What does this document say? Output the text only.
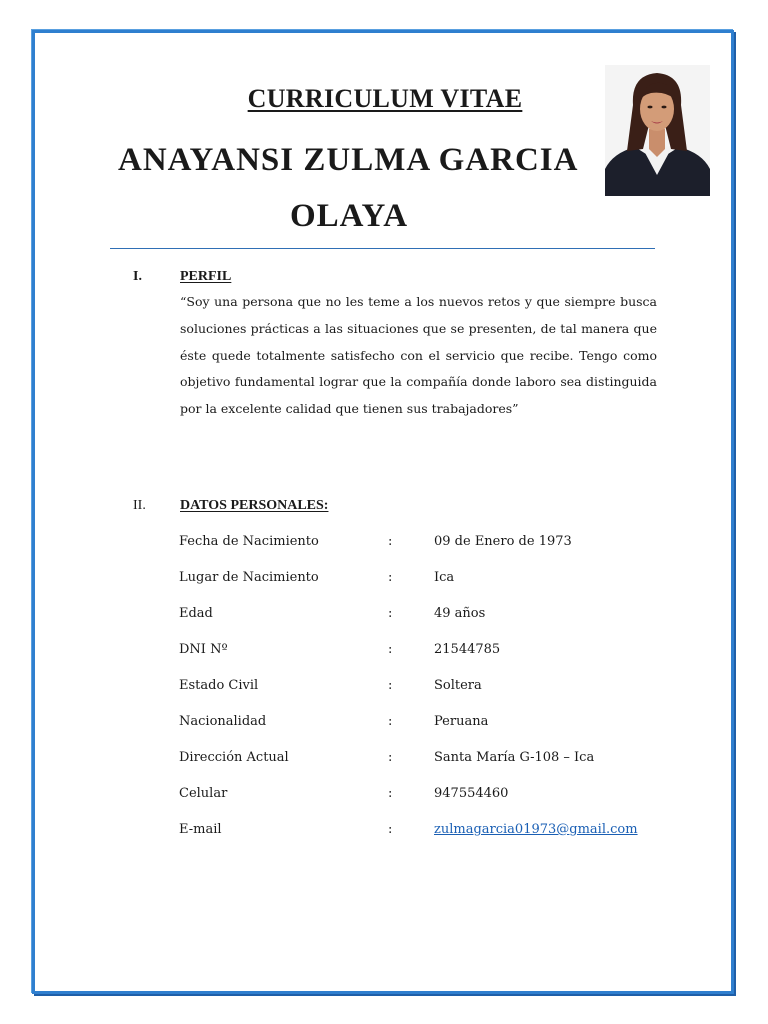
CURRICULUM VITAE
ANAYANSI ZULMA GARCIA
OLAYA
I.	PERFIL

“Soy una persona que no les teme a los nuevos retos y que siempre busca soluciones prácticas a las situaciones que se presenten, de tal manera que éste quede totalmente satisfecho con el servicio que recibe. Tengo como objetivo fundamental lograr que la compañía donde laboro sea distinguida por la excelente calidad que tienen sus trabajadores”

II. DATOS PERSONALES:
Fecha de Nacimiento	:	09 de Enero de 1973
Lugar de Nacimiento	:	Ica
Edad	:	49 años
DNI Nº	:	21544785
Estado Civil	:	Soltera
Nacionalidad	:	Peruana
Dirección Actual	:	Santa María G-108 – Ica
Celular	:	947554460
E-mail	:	zulmagarcia01973@gmail.com
